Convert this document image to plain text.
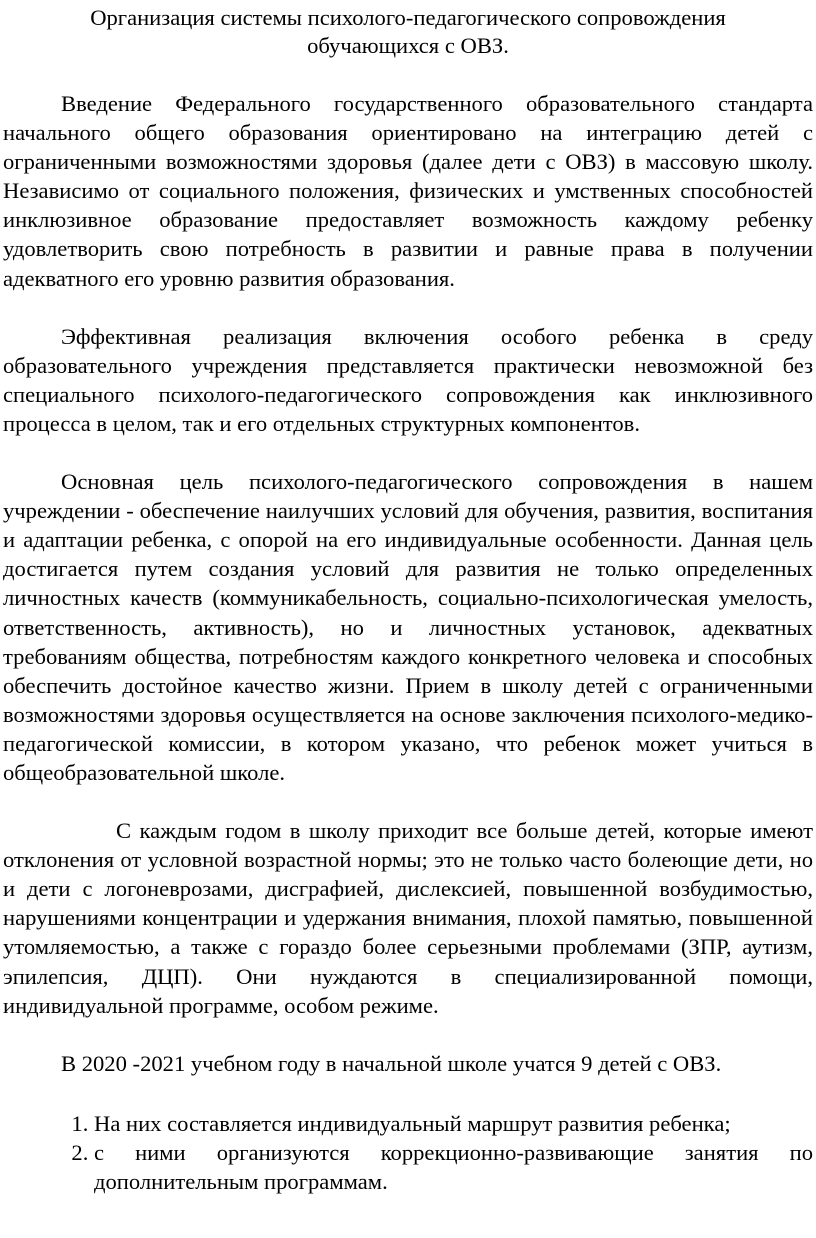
Организация системы психолого-педагогического сопровождения обучающихся с ОВЗ.

Введение Федерального государственного образовательного стандарта начального общего образования ориентировано на интеграцию детей с ограниченными возможностями здоровья (далее дети с ОВЗ) в массовую школу. Независимо от социального положения, физических и умственных способностей инклюзивное образование предоставляет возможность каждому ребенку удовлетворить свою потребность в развитии и равные права в получении адекватного его уровню развития образования.

Эффективная реализация включения особого ребенка в среду образовательного учреждения представляется практически невозможной без специального психолого-педагогического сопровождения как инклюзивного процесса в целом, так и его отдельных структурных компонентов.

Основная цель психолого-педагогического сопровождения в нашем учреждении - обеспечение наилучших условий для обучения, развития, воспитания и адаптации ребенка, с опорой на его индивидуальные особенности. Данная цель достигается путем создания условий для развития не только определенных личностных качеств (коммуникабельность, социально-психологическая умелость, ответственность, активность), но и личностных установок, адекватных требованиям общества, потребностям каждого конкретного человека и способных обеспечить достойное качество жизни. Прием в школу детей с ограниченными возможностями здоровья осуществляется на основе заключения психолого-медико-педагогической комиссии, в котором указано, что ребенок может учиться в общеобразовательной школе.

С каждым годом в школу приходит все больше детей, которые имеют отклонения от условной возрастной нормы; это не только часто болеющие дети, но и дети с логоневрозами, дисграфией, дислексией, повышенной возбудимостью, нарушениями концентрации и удержания внимания, плохой памятью, повышенной утомляемостью, а также с гораздо более серьезными проблемами (ЗПР, аутизм, эпилепсия, ДЦП). Они нуждаются в специализированной помощи, индивидуальной программе, особом режиме.

В 2020 -2021 учебном году в начальной школе учатся 9 детей с ОВЗ.

1. На них составляется индивидуальный маршрут развития ребенка;
2. с ними организуются коррекционно-развивающие занятия по дополнительным программам.
